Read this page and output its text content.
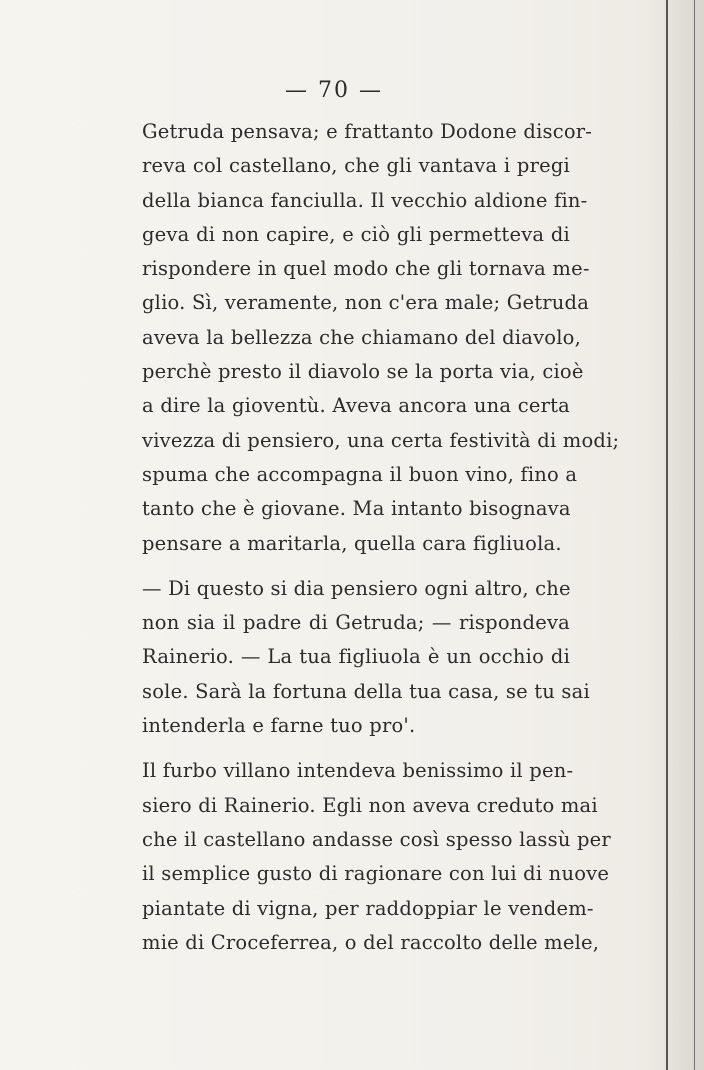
— 70 —

Getruda pensava; e frattanto Dodone discor-
reva col castellano, che gli vantava i pregi
della bianca fanciulla. Il vecchio aldione fin-
geva di non capire, e ciò gli permetteva di
rispondere in quel modo che gli tornava me-
glio. Sì, veramente, non c'era male; Getruda
aveva la bellezza che chiamano del diavolo,
perchè presto il diavolo se la porta via, cioè
a dire la gioventù. Aveva ancora una certa
vivezza di pensiero, una certa festività di modi;
spuma che accompagna il buon vino, fino a
tanto che è giovane. Ma intanto bisognava
pensare a maritarla, quella cara figliuola.

— Di questo si dia pensiero ogni altro, che
non sia il padre di Getruda; — rispondeva
Rainerio. — La tua figliuola è un occhio di
sole. Sarà la fortuna della tua casa, se tu sai
intenderla e farne tuo pro'.

Il furbo villano intendeva benissimo il pen-
siero di Rainerio. Egli non aveva creduto mai
che il castellano andasse così spesso lassù per
il semplice gusto di ragionare con lui di nuove
piantate di vigna, per raddoppiar le vendem-
mie di Croceferrea, o del raccolto delle mele,
